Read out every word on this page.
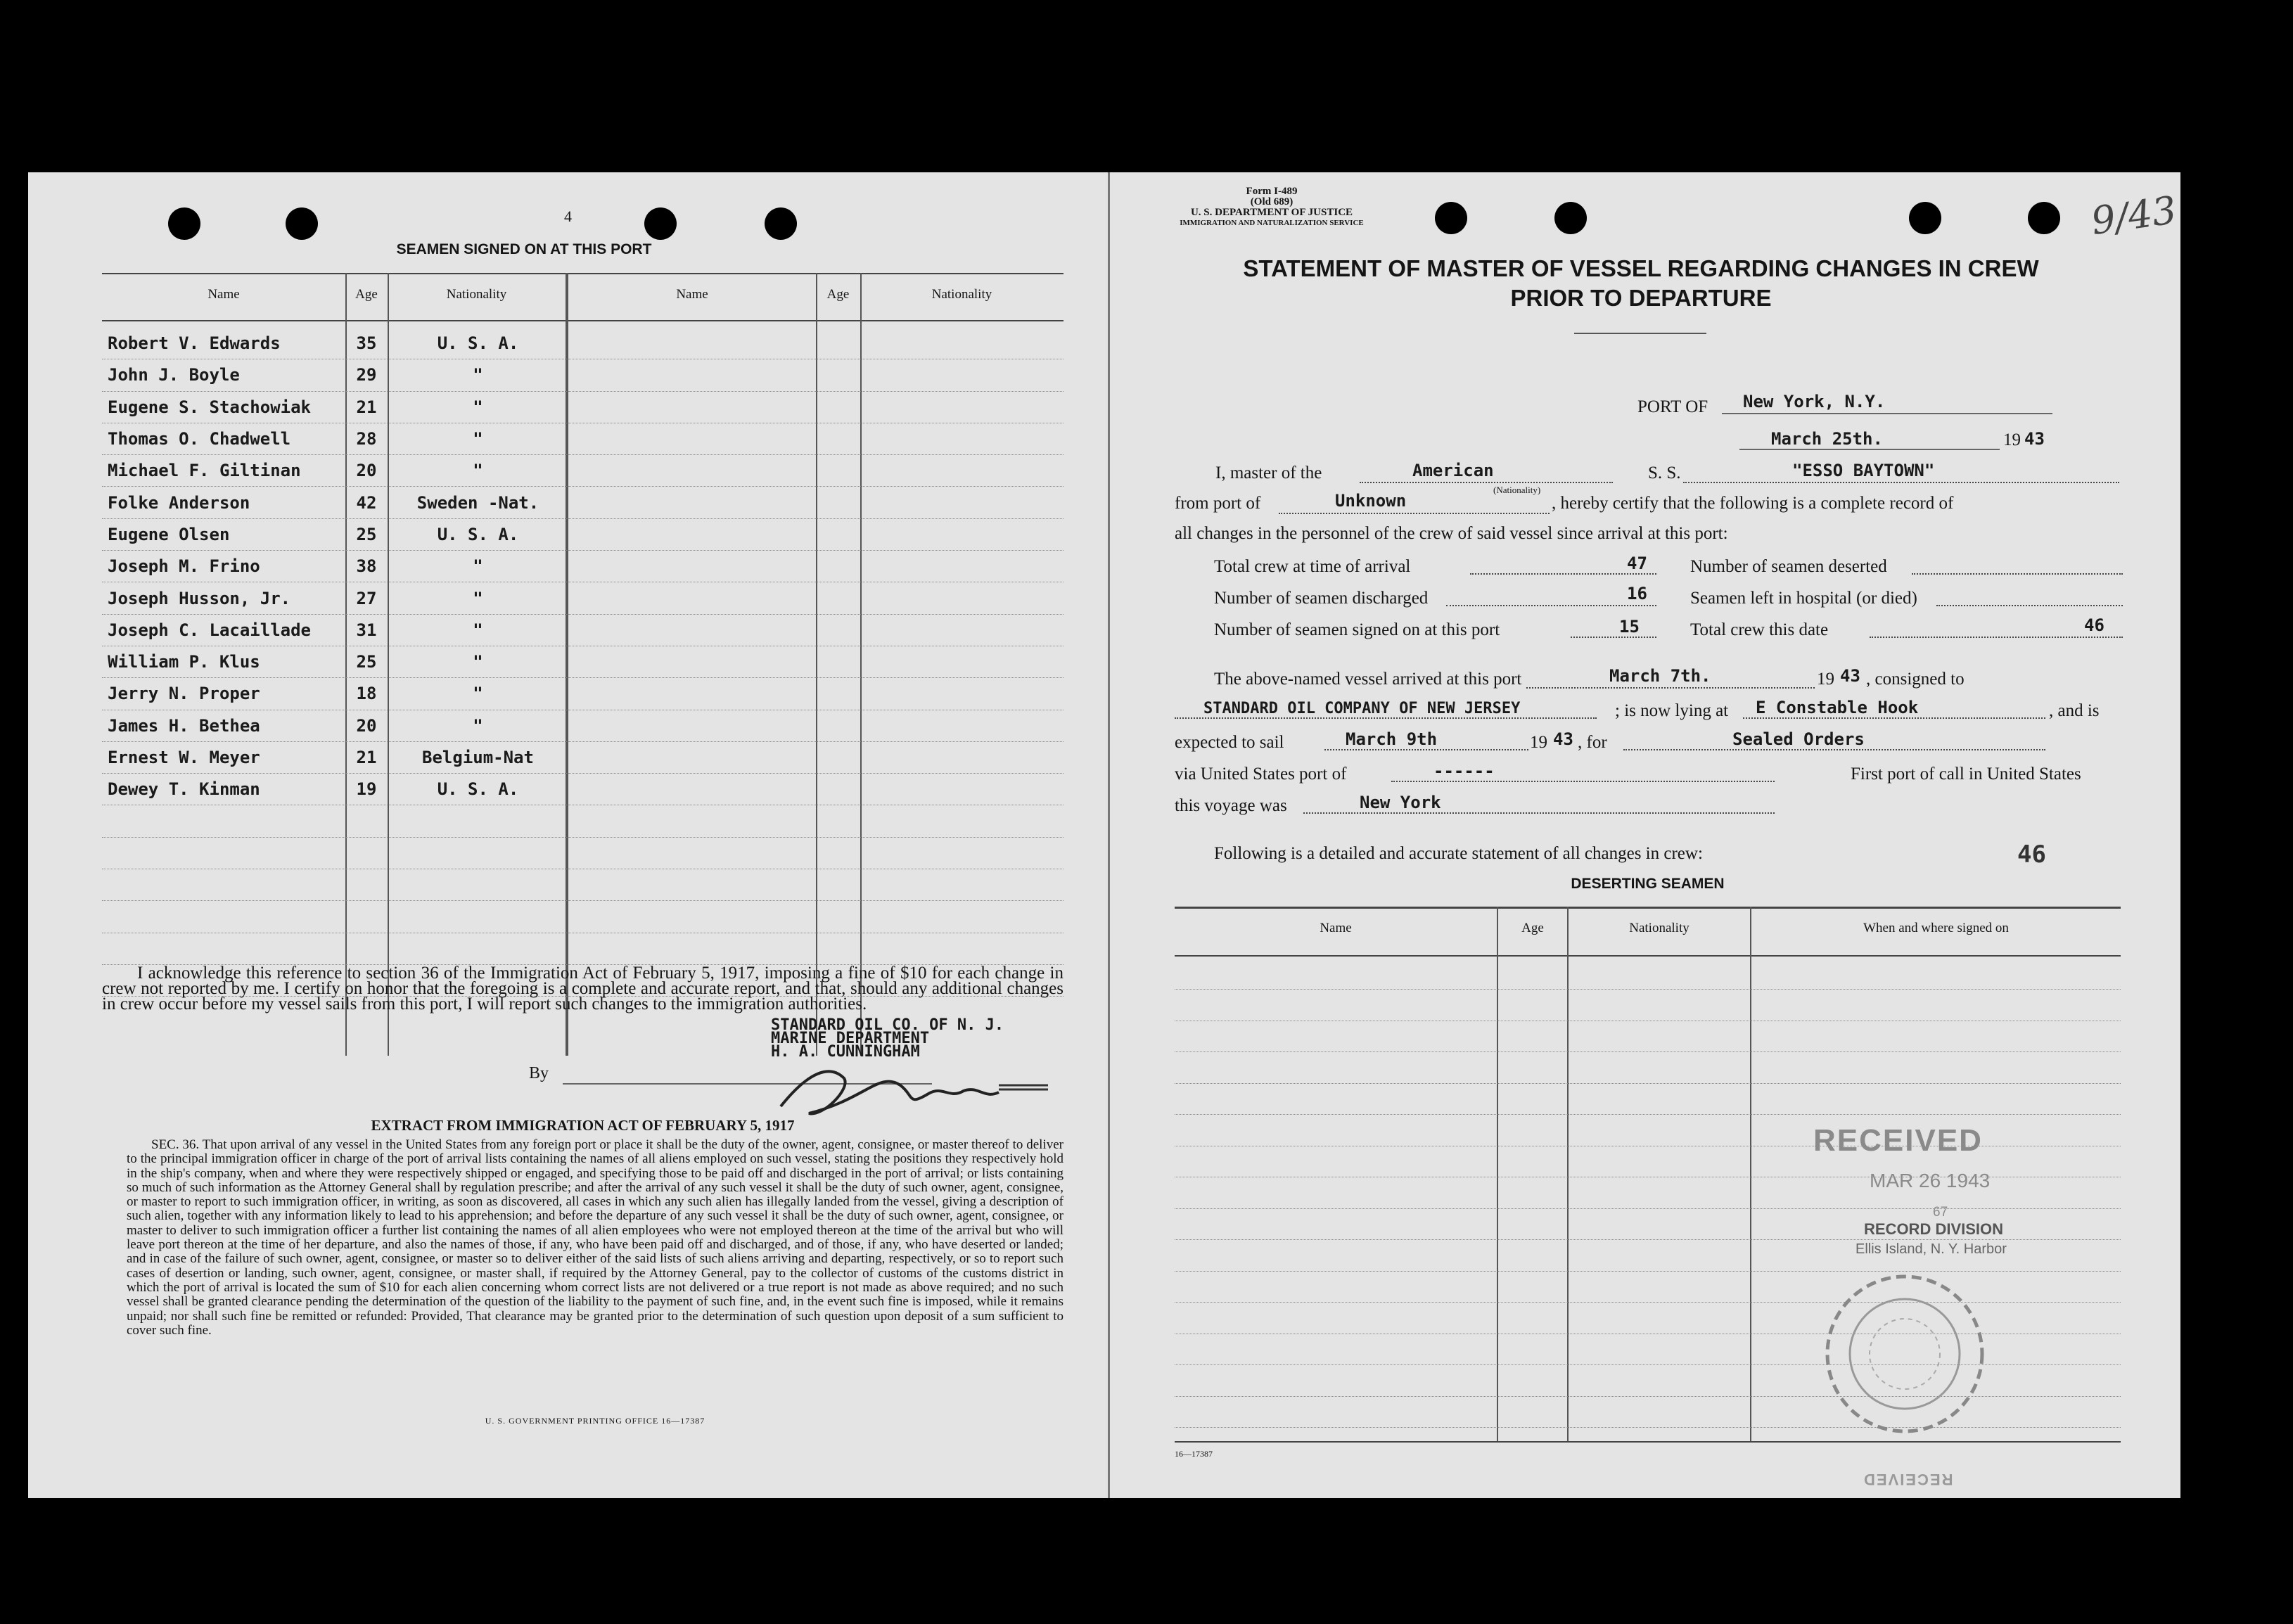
4
SEAMEN SIGNED ON AT THIS PORT
Name	Age	Nationality	Name	Age	Nationality
Robert V. Edwards	35	U. S. A.			
John J. Boyle	29	"			
Eugene S. Stachowiak	21	"			
Thomas O. Chadwell	28	"			
Michael F. Giltinan	20	"			
Folke Anderson	42	Sweden -Nat.			
Eugene Olsen	25	U. S. A.			
Joseph M. Frino	38	"			
Joseph Husson, Jr.	27	"			
Joseph C. Lacaillade	31	"			
William P. Klus	25	"			
Jerry N. Proper	18	"			
James H. Bethea	20	"			
Ernest W. Meyer	21	Belgium-Nat			
Dewey T. Kinman	19	U. S. A.			

I acknowledge this reference to section 36 of the Immigration Act of February 5, 1917, imposing a fine of $10 for each change in crew not reported by me. I certify on honor that the foregoing is a complete and accurate report, and that, should any additional changes in crew occur before my vessel sails from this port, I will report such changes to the immigration authorities.
STANDARD OIL CO. OF N. J.
MARINE DEPARTMENT
H. A. CUNNINGHAM
By
EXTRACT FROM IMMIGRATION ACT OF FEBRUARY 5, 1917
SEC. 36. That upon arrival of any vessel in the United States from any foreign port or place it shall be the duty of the owner, agent, consignee, or master thereof to deliver to the principal immigration officer in charge of the port of arrival lists containing the names of all aliens employed on such vessel, stating the positions they respectively hold in the ship's company, when and where they were respectively shipped or engaged, and specifying those to be paid off and discharged in the port of arrival; or lists containing so much of such information as the Attorney General shall by regulation prescribe; and after the arrival of any such vessel it shall be the duty of such owner, agent, consignee, or master to report to such immigration officer, in writing, as soon as discovered, all cases in which any such alien has illegally landed from the vessel, giving a description of such alien, together with any information likely to lead to his apprehension; and before the departure of any such vessel it shall be the duty of such owner, agent, consignee, or master to deliver to such immigration officer a further list containing the names of all alien employees who were not employed thereon at the time of the arrival but who will leave port thereon at the time of her departure, and also the names of those, if any, who have been paid off and discharged, and of those, if any, who have deserted or landed; and in case of the failure of such owner, agent, consignee, or master so to deliver either of the said lists of such aliens arriving and departing, respectively, or so to report such cases of desertion or landing, such owner, agent, consignee, or master shall, if required by the Attorney General, pay to the collector of customs of the customs district in which the port of arrival is located the sum of $10 for each alien concerning whom correct lists are not delivered or a true report is not made as above required; and no such vessel shall be granted clearance pending the determination of the question of the liability to the payment of such fine, and, in the event such fine is imposed, while it remains unpaid; nor shall such fine be remitted or refunded: Provided, That clearance may be granted prior to the determination of such question upon deposit of a sum sufficient to cover such fine.
U. S. GOVERNMENT PRINTING OFFICE 16—17387
Form I-489
(Old 689)
U. S. DEPARTMENT OF JUSTICE
IMMIGRATION AND NATURALIZATION SERVICE	9/43
STATEMENT OF MASTER OF VESSEL REGARDING CHANGES IN CREW
PRIOR TO DEPARTURE
PORT OF New York, N.Y.
March 25th.	19 43
I, master of the	American
(Nationality)
S. S.	"ESSO BAYTOWN"
from port of	Unknown	, hereby certify that the following is a complete record of
all changes in the personnel of the crew of said vessel since arrival at this port:
Total crew at time of arrival	47 Number of seamen deserted
Number of seamen discharged	16 Seamen left in hospital (or died)
Number of seamen signed on at this port	15	Total crew this date	46
The above-named vessel arrived at this port	March 7th.	19 43 , consigned to
STANDARD OIL COMPANY OF NEW JERSEY	; is now lying at E Constable Hook	, and is
expected to sail	March 9th	19 43 , for	Sealed Orders
via United States port of	------	First port of call in United States
this voyage was	New York
Following is a detailed and accurate statement of all changes in crew:	46
DESERTING SEAMEN
Name	Age	Nationality	When and where signed on
16—17387
RECEIVED
MAR 26 1943
67
RECORD DIVISION
Ellis Island, N. Y. Harbor
RECEIVED
